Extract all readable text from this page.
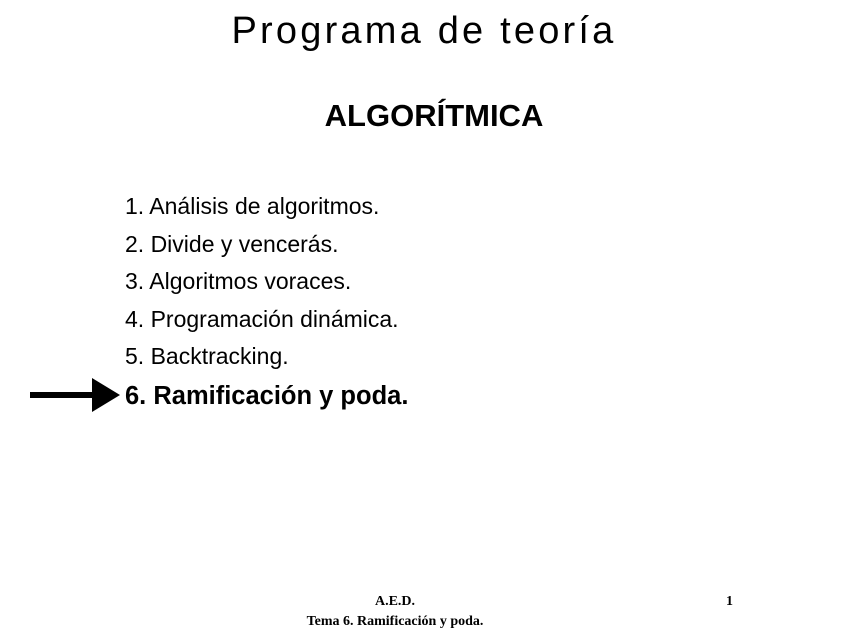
Programa de teoría
ALGORÍTMICA
1. Análisis de algoritmos.
2. Divide y vencerás.
3. Algoritmos voraces.
4. Programación dinámica.
5. Backtracking.
6. Ramificación y poda.
A.E.D.
Tema 6. Ramificación y poda.
1
